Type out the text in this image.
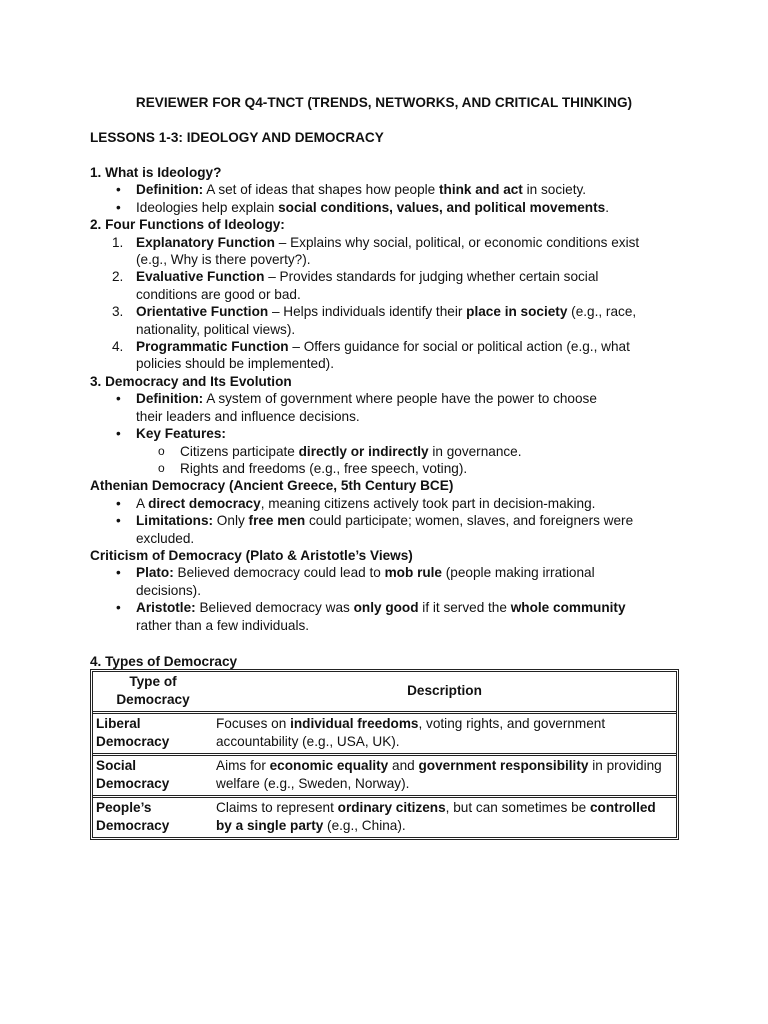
REVIEWER FOR Q4-TNCT (TRENDS, NETWORKS, AND CRITICAL THINKING)
LESSONS 1-3: IDEOLOGY AND DEMOCRACY
1. What is Ideology?
• Definition: A set of ideas that shapes how people think and act in society.
• Ideologies help explain social conditions, values, and political movements.
2. Four Functions of Ideology:
1. Explanatory Function – Explains why social, political, or economic conditions exist
(e.g., Why is there poverty?).
2. Evaluative Function – Provides standards for judging whether certain social
conditions are good or bad.
3. Orientative Function – Helps individuals identify their place in society (e.g., race,
nationality, political views).
4. Programmatic Function – Offers guidance for social or political action (e.g., what
policies should be implemented).
3. Democracy and Its Evolution
• Definition: A system of government where people have the power to choose
their leaders and influence decisions.
• Key Features:
o Citizens participate directly or indirectly in governance.
o Rights and freedoms (e.g., free speech, voting).
Athenian Democracy (Ancient Greece, 5th Century BCE)
• A direct democracy, meaning citizens actively took part in decision-making.
• Limitations: Only free men could participate; women, slaves, and foreigners were
excluded.
Criticism of Democracy (Plato & Aristotle’s Views)
• Plato: Believed democracy could lead to mob rule (people making irrational
decisions).
• Aristotle: Believed democracy was only good if it served the whole community
rather than a few individuals.
4. Types of Democracy
Type of Democracy	Description
Liberal Democracy	Focuses on individual freedoms, voting rights, and government accountability (e.g., USA, UK).
Social Democracy	Aims for economic equality and government responsibility in providing welfare (e.g., Sweden, Norway).
People’s Democracy	Claims to represent ordinary citizens, but can sometimes be controlled by a single party (e.g., China).
